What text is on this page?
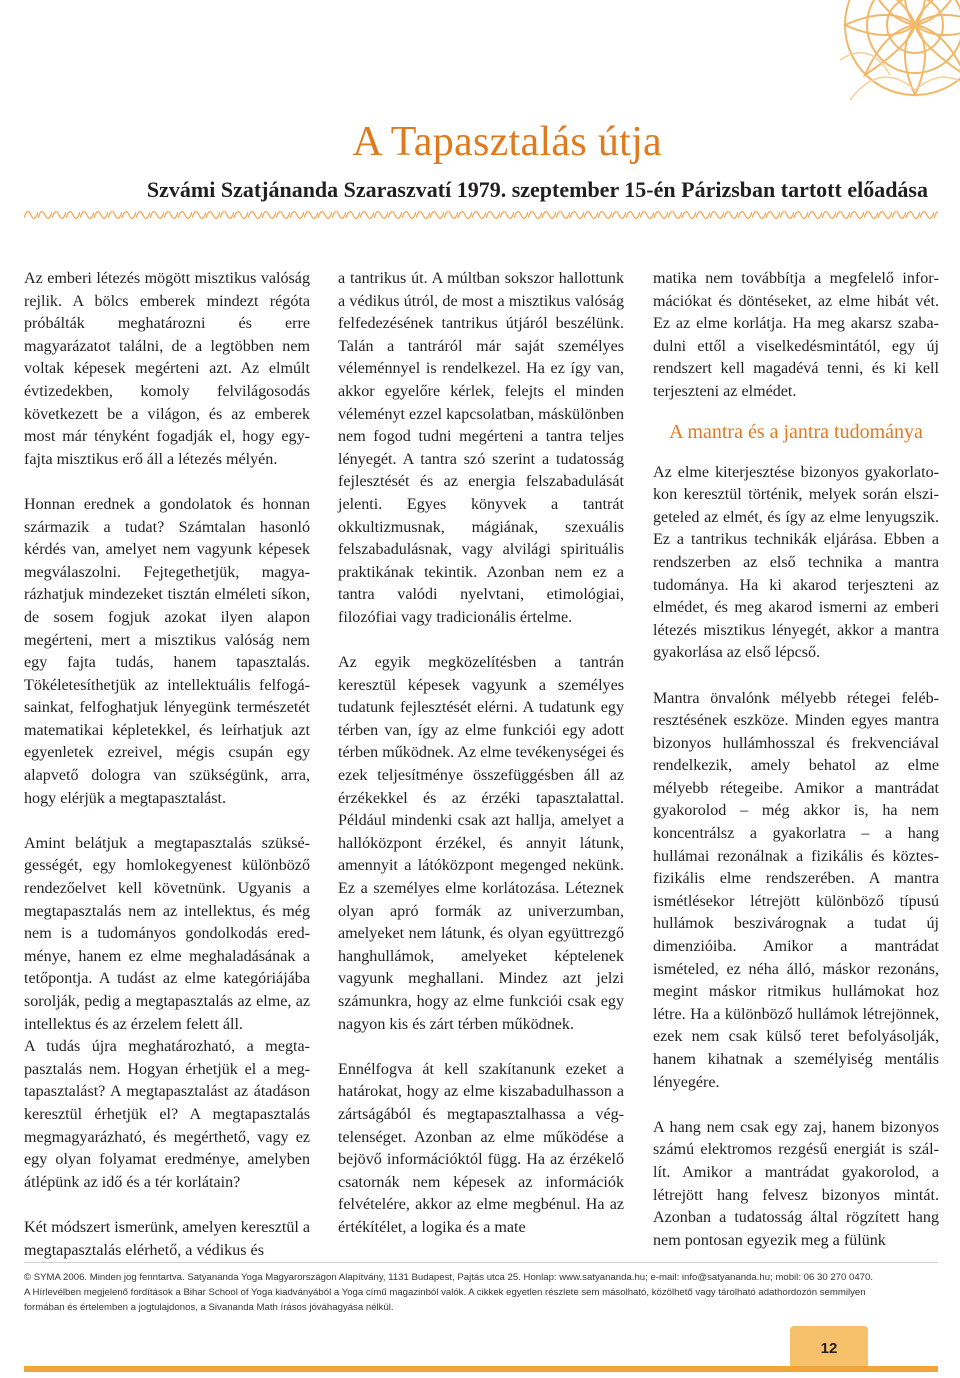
A Tapasztalás útja
Szvámi Szatjánanda Szaraszvatí 1979. szeptember 15-én Párizsban tartott előadása

Az emberi létezés mögött misztikus valóság rejlik. A bölcs emberek mindezt régóta próbálták meghatározni és erre magyarázatot találni, de a legtöbben nem voltak képesek megérteni azt. Az elmúlt évtizedekben, komoly felvilágosodás következett be a világon, és az emberek most már tényként fogadják el, hogy egyfajta misztikus erő áll a létezés mélyén.

Honnan erednek a gondolatok és honnan származik a tudat? Számtalan hasonló kérdés van, amelyet nem vagyunk képesek megválaszolni. Fejtegethetjük, magyarázhatjuk mindezeket tisztán elméleti síkon, de sosem fogjuk azokat ilyen alapon megérteni, mert a misztikus valóság nem egy fajta tudás, hanem tapasztalás. Tökéletesíthetjük az intellektuális felfogásainkat, felfoghatjuk lényegünk természetét matematikai képletekkel, és leírhatjuk azt egyenletek ezreivel, mégis csupán egy alapvető dologra van szükségünk, arra, hogy elérjük a megtapasztalást.

Amint belátjuk a megtapasztalás szükségességét, egy homlokegyenest különböző rendezőelvet kell követnünk. Ugyanis a megtapasztalás nem az intellektus, és még nem is a tudományos gondolkodás eredménye, hanem ez elme meghaladásának a tetőpontja. A tudást az elme kategóriájába sorolják, pedig a megtapasztalás az elme, az intellektus és az érzelem felett áll.

A tudás újra meghatározható, a megtapasztalás nem. Hogyan érhetjük el a megtapasztalást? A megtapasztalást az átadáson keresztül érhetjük el? A megtapasztalás megmagyarázható, és megérthető, vagy ez egy olyan folyamat eredménye, amelyben átlépünk az idő és a tér korlátain?

Két módszert ismerünk, amelyen keresztül a megtapasztalás elérhető, a védikus és

a tantrikus út. A múltban sokszor hallottunk a védikus útról, de most a misztikus valóság felfedezésének tantrikus útjáról beszélünk. Talán a tantráról már saját személyes véleménnyel is rendelkezel. Ha ez így van, akkor egyelőre kérlek, felejts el minden véleményt ezzel kapcsolatban, máskülönben nem fogod tudni megérteni a tantra teljes lényegét. A tantra szó szerint a tudatosság fejlesztését és az energia felszabadulását jelenti. Egyes könyvek a tantrát okkultizmusnak, mágiának, szexuális felszabadulásnak, vagy alvilági spirituális praktikának tekintik. Azonban nem ez a tantra valódi nyelvtani, etimológiai, filozófiai vagy tradicionális értelme.

Az egyik megközelítésben a tantrán keresztül képesek vagyunk a személyes tudatunk fejlesztését elérni. A tudatunk egy térben van, így az elme funkciói egy adott térben működnek. Az elme tevékenységei és ezek teljesítménye összefüggésben áll az érzékekkel és az érzéki tapasztalattal. Például mindenki csak azt hallja, amelyet a hallóközpont érzékel, és annyit látunk, amennyit a látóközpont megenged nekünk. Ez a személyes elme korlátozása. Léteznek olyan apró formák az univerzumban, amelyeket nem látunk, és olyan együttrezgő hanghullámok, amelyeket képtelenek vagyunk meghallani. Mindez azt jelzi számunkra, hogy az elme funkciói csak egy nagyon kis és zárt térben működnek.

Ennélfogva át kell szakítanunk ezeket a határokat, hogy az elme kiszabadulhasson a zártságából és megtapasztalhassa a végtelenséget. Azonban az elme működése a bejövő információktól függ. Ha az érzékelő csatornák nem képesek az információk felvételére, akkor az elme megbénul. Ha az értékítélet, a logika és a mate

matika nem továbbítja a megfelelő információkat és döntéseket, az elme hibát vét. Ez az elme korlátja. Ha meg akarsz szabadulni ettől a viselkedésmintától, egy új rendszert kell magadévá tenni, és ki kell terjeszteni az elmédet.

A mantra és a jantra tudománya

Az elme kiterjesztése bizonyos gyakorlatokon keresztül történik, melyek során elszigeteled az elmét, és így az elme lenyugszik. Ez a tantrikus technikák eljárása. Ebben a rendszerben az első technika a mantra tudománya. Ha ki akarod terjeszteni az elmédet, és meg akarod ismerni az emberi létezés misztikus lényegét, akkor a mantra gyakorlása az első lépcső.

Mantra önvalónk mélyebb rétegei felébresztésének eszköze. Minden egyes mantra bizonyos hullámhosszal és frekvenciával rendelkezik, amely behatol az elme mélyebb rétegeibe. Amikor a mantrádat gyakorolod – még akkor is, ha nem koncentrálsz a gyakorlatra – a hang hullámai rezonálnak a fizikális és köztes-fizikális elme rendszerében. A mantra ismétlésekor létrejött különböző típusú hullámok beszivárognak a tudat új dimenzióiba. Amikor a mantrádat ismételed, ez néha álló, máskor rezonáns, megint máskor ritmikus hullámokat hoz létre. Ha a különböző hullámok létrejönnek, ezek nem csak külső teret befolyásolják, hanem kihatnak a személyiség mentális lényegére.

A hang nem csak egy zaj, hanem bizonyos számú elektromos rezgésű energiát is szállít. Amikor a mantrádat gyakorolod, a létrejött hang felvesz bizonyos mintát. Azonban a tudatosság által rögzített hang nem pontosan egyezik meg a fülünk

© SYMA 2006. Minden jog fenntartva. Satyananda Yoga Magyarországon Alapítvány, 1131 Budapest, Pajtás utca 25. Honlap: www.satyananda.hu; e-mail: info@satyananda.hu; mobil: 06 30 270 0470.
A Hírlevélben megjelenő fordítások a Bihar School of Yoga kiadványából a Yoga című magazinból valók. A cikkek egyetlen részlete sem másolható, közölhető vagy tárolható adathordozón semmilyen
formában és értelemben a jogtulajdonos, a Sivananda Math írásos jóváhagyása nélkül.
12
